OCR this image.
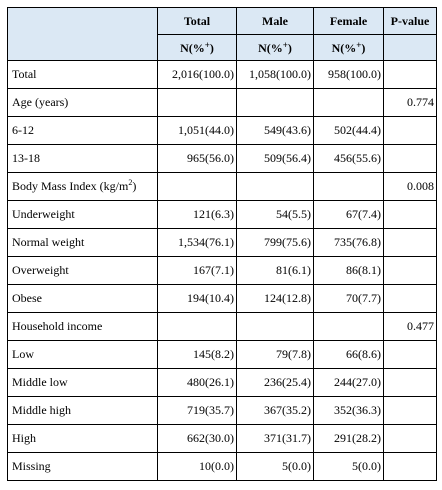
	Total	Male	Female	P-value
	N(%+)	N(%+)	N(%+)	
Total	2,016(100.0)	1,058(100.0)	958(100.0)	
Age (years)				0.774
6-12	1,051(44.0)	549(43.6)	502(44.4)	
13-18	965(56.0)	509(56.4)	456(55.6)	
Body Mass Index $(kg/m^2)$				0.008
Underweight	121(6.3)	54(5.5)	67(7.4)	
Normal weight	1,534(76.1)	799(75.6)	735(76.8)	
Overweight	167(7.1)	81(6.1)	86(8.1)	
Obese	194(10.4)	124(12.8)	70(7.7)	
Household income				0.477
Low	145(8.2)	79(7.8)	66(8.6)	
Middle low	480(26.1)	236(25.4)	244(27.0)	
Middle high	719(35.7)	367(35.2)	352(36.3)	
High	662(30.0)	371(31.7)	291(28.2)	
Missing	10(0.0)	5(0.0)	5(0.0)	
